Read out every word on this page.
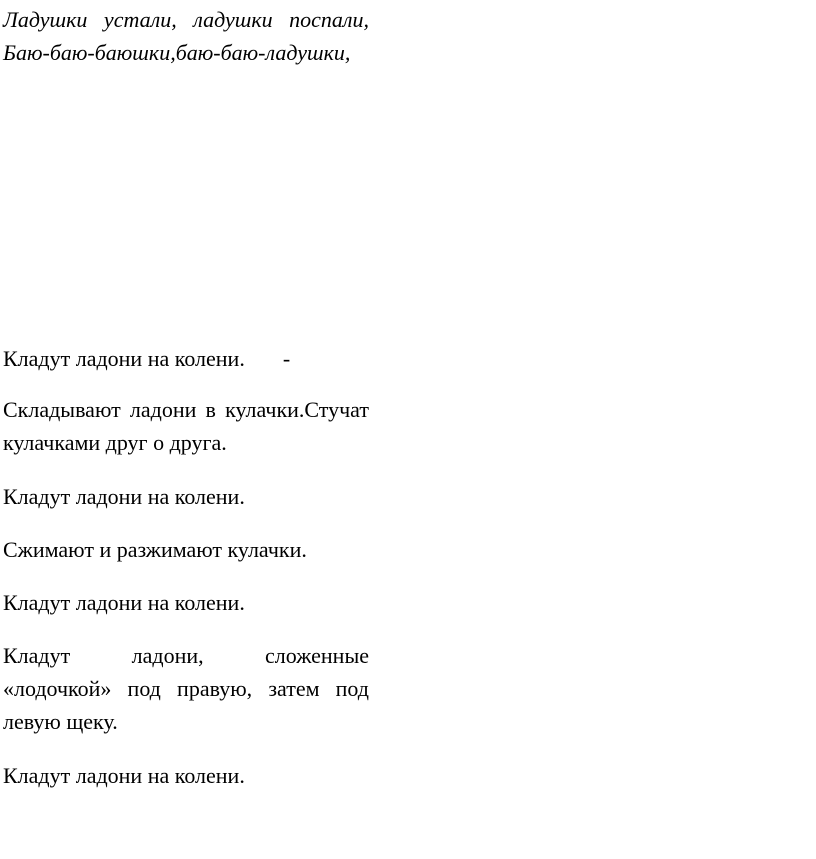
Ладушки устали, ладушки поспали, Баю-баю-баюшки,баю-баю-ладушки,

Кладут ладони на колени. -

Складывают ладони в кулачки.Стучат кулачками друг о друга.

Кладут ладони на колени.

Сжимают и разжимают кулачки.

Кладут ладони на колени.

Кладут ладони, сложенные «лодочкой» под правую, затем под левую щеку.

Кладут ладони на колени.
